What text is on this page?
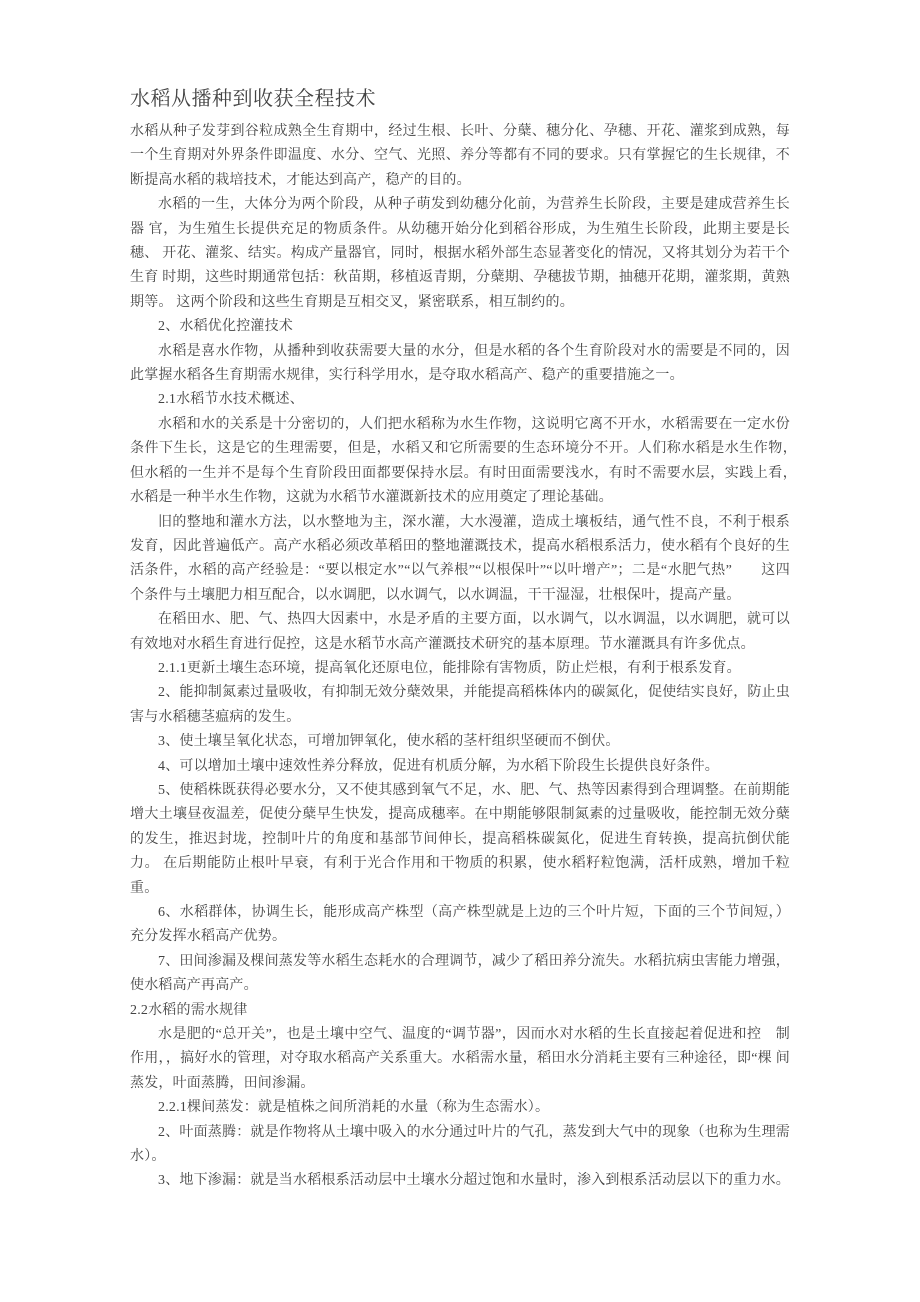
水稻从播种到收获全程技术

水稻从种子发芽到谷粒成熟全生育期中，经过生根、长叶、分蘖、穗分化、孕穗、开花、灌浆到成熟，每 一个生育期对外界条件即温度、水分、空气、光照、养分等都有不同的要求。只有掌握它的生长规律，不 断提高水稻的栽培技术，才能达到高产，稳产的目的。

水稻的一生，大体分为两个阶段，从种子萌发到幼穗分化前，为营养生长阶段，主要是建成营养生长器 官，为生殖生长提供充足的物质条件。从幼穗开始分化到稻谷形成，为生殖生长阶段，此期主要是长穗、 开花、灌浆、结实。构成产量器官，同时，根据水稻外部生态显著变化的情况，又将其划分为若干个生育 时期，这些时期通常包括：秋苗期，移植返青期，分蘖期、孕穗拔节期，抽穗开花期，灌浆期，黄熟期等。 这两个阶段和这些生育期是互相交叉，紧密联系，相互制约的。

2、水稻优化控灌技术

水稻是喜水作物，从播种到收获需要大量的水分，但是水稻的各个生育阶段对水的需要是不同的，因 此掌握水稻各生育期需水规律，实行科学用水，是夺取水稻高产、稳产的重要措施之一。

2.1水稻节水技术概述、

水稻和水的关系是十分密切的，人们把水稻称为水生作物，这说明它离不开水，水稻需要在一定水份　条件下生长，这是它的生理需要，但是，水稻又和它所需要的生态环境分不开。人们称水稻是水生作物，　　但水稻的一生并不是每个生育阶段田面都要保持水层。有时田面需要浅水，有时不需要水层，实践上看，　　水稻是一种半水生作物，这就为水稻节水灌溉新技术的应用奠定了理论基础。

旧的整地和灌水方法，以水整地为主，深水灌，大水漫灌，造成土壤板结，通气性不良，不利于根系 发育，因此普遍低产。高产水稻必须改革稻田的整地灌溉技术，提高水稻根系活力，使水稻有个良好的生　活条件，水稻的高产经验是：“要以根定水”“以气养根”“以根保叶”“以叶增产”；二是“水肥气热”　　这四个条件与土壤肥力相互配合，以水调肥，以水调气，以水调温，干干湿湿，壮根保叶，提高产量。

在稻田水、肥、气、热四大因素中，水是矛盾的主要方面，以水调气，以水调温，以水调肥，就可以　有效地对水稻生育进行促控，这是水稻节水高产灌溉技术研究的基本原理。节水灌溉具有许多优点。

2.1.1更新土壤生态环境，提高氧化还原电位，能排除有害物质，防止烂根，有利于根系发育。

2、能抑制氮素过量吸收，有抑制无效分蘖效果，并能提高稻株体内的碳氮化，促使结实良好，防止虫 害与水稻穗茎瘟病的发生。

3、使土壤呈氧化状态，可增加钾氧化，使水稻的茎杆组织坚硬而不倒伏。

4、可以增加土壤中速效性养分释放，促进有机质分解，为水稻下阶段生长提供良好条件。

5、使稻株既获得必要水分，又不使其感到氧气不足，水、肥、气、热等因素得到合理调整。在前期能 增大土壤昼夜温差，促使分蘖早生快发，提高成穗率。在中期能够限制氮素的过量吸收，能控制无效分蘖 的发生，推迟封垅，控制叶片的角度和基部节间伸长，提高稻株碳氮化，促进生育转换，提高抗倒伏能力。 在后期能防止根叶早衰，有利于光合作用和干物质的积累，使水稻籽粒饱满，活杆成熟，增加千粒重。

6、水稻群体，协调生长，能形成高产株型（高产株型就是上边的三个叶片短，下面的三个节间短，） 充分发挥水稻高产优势。

7、田间渗漏及棵间蒸发等水稻生态耗水的合理调节，减少了稻田养分流失。水稻抗病虫害能力增强， 使水稻高产再高产。

2.2水稻的需水规律

水是肥的“总开关”，也是土壤中空气、温度的“调节器”，因而水对水稻的生长直接起着促进和控　制作用，，搞好水的管理，对夺取水稻高产关系重大。水稻需水量，稻田水分消耗主要有三种途径，即“棵 间蒸发，叶面蒸腾，田间渗漏。

2.2.1棵间蒸发：就是植株之间所消耗的水量（称为生态需水）。

2、叶面蒸腾：就是作物将从土壤中吸入的水分通过叶片的气孔，蒸发到大气中的现象（也称为生理需 水）。

3、地下渗漏：就是当水稻根系活动层中土壤水分超过饱和水量时，渗入到根系活动层以下的重力水。
